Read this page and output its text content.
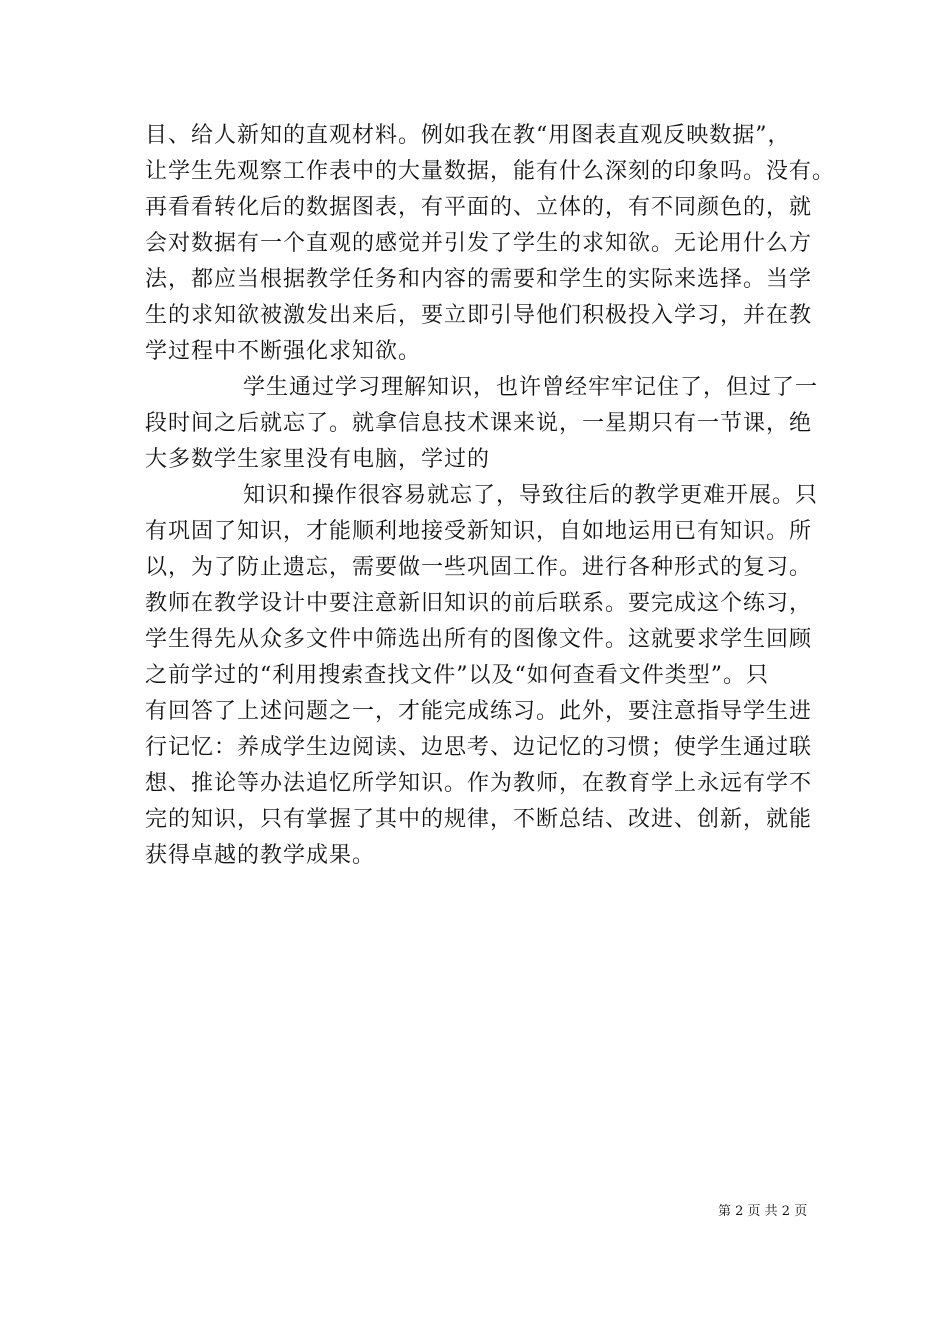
目、给人新知的直观材料。例如我在教“用图表直观反映数据”，
让学生先观察工作表中的大量数据，能有什么深刻的印象吗。没有。
再看看转化后的数据图表，有平面的、立体的，有不同颜色的，就
会对数据有一个直观的感觉并引发了学生的求知欲。无论用什么方
法，都应当根据教学任务和内容的需要和学生的实际来选择。当学
生的求知欲被激发出来后，要立即引导他们积极投入学习，并在教
学过程中不断强化求知欲。
学生通过学习理解知识，也许曾经牢牢记住了，但过了一
段时间之后就忘了。就拿信息技术课来说，一星期只有一节课，绝
大多数学生家里没有电脑，学过的
知识和操作很容易就忘了，导致往后的教学更难开展。只
有巩固了知识，才能顺利地接受新知识，自如地运用已有知识。所
以，为了防止遗忘，需要做一些巩固工作。进行各种形式的复习。
教师在教学设计中要注意新旧知识的前后联系。要完成这个练习，
学生得先从众多文件中筛选出所有的图像文件。这就要求学生回顾
之前学过的“利用搜索查找文件”以及“如何查看文件类型”。只
有回答了上述问题之一，才能完成练习。此外，要注意指导学生进
行记忆：养成学生边阅读、边思考、边记忆的习惯；使学生通过联
想、推论等办法追忆所学知识。作为教师，在教育学上永远有学不
完的知识，只有掌握了其中的规律，不断总结、改进、创新，就能
获得卓越的教学成果。
第 2 页 共 2 页
